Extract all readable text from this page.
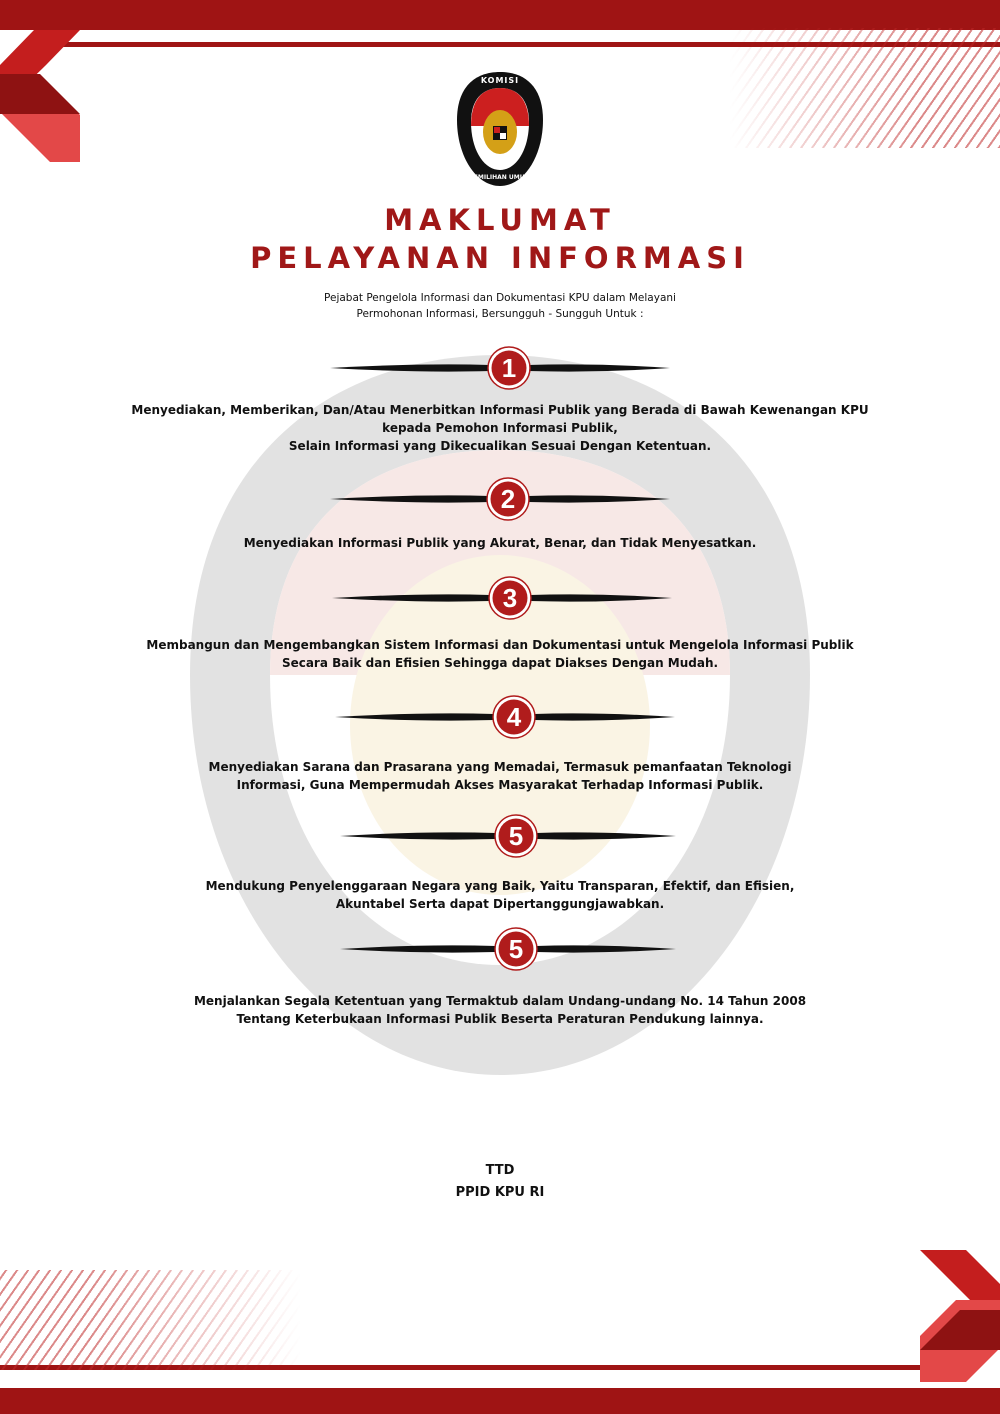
KOMISI
PEMILIHAN UMUM
MAKLUMAT
PELAYANAN INFORMASI
Pejabat Pengelola Informasi dan Dokumentasi KPU dalam Melayani
Permohonan Informasi, Bersungguh - Sungguh Untuk :
1
Menyediakan, Memberikan, Dan/Atau Menerbitkan Informasi Publik yang Berada di Bawah Kewenangan KPU
kepada Pemohon Informasi Publik,
Selain Informasi yang Dikecualikan Sesuai Dengan Ketentuan.
2
Menyediakan Informasi Publik yang Akurat, Benar, dan Tidak Menyesatkan.
3
Membangun dan Mengembangkan Sistem Informasi dan Dokumentasi untuk Mengelola Informasi Publik
Secara Baik dan Efisien Sehingga dapat Diakses Dengan Mudah.
4
Menyediakan Sarana dan Prasarana yang Memadai, Termasuk pemanfaatan Teknologi
Informasi, Guna Mempermudah Akses Masyarakat Terhadap Informasi Publik.
5
Mendukung Penyelenggaraan Negara yang Baik, Yaitu Transparan, Efektif, dan Efisien,
Akuntabel Serta dapat Dipertanggungjawabkan.
5
Menjalankan Segala Ketentuan yang Termaktub dalam Undang-undang No. 14 Tahun 2008
Tentang Keterbukaan Informasi Publik Beserta Peraturan Pendukung lainnya.
TTD
PPID KPU RI
